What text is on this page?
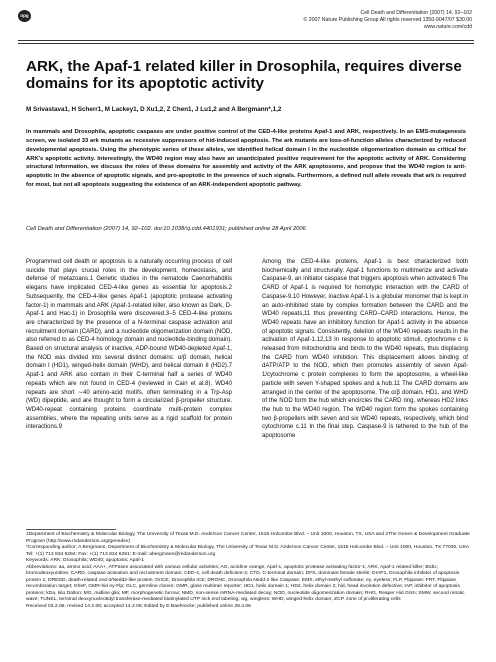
npg	Cell Death and Differentiation (2007) 14, 92–102
© 2007 Nature Publishing Group All rights reserved 1350-9047/07 $30.00
www.nature.com/cdd
ARK, the Apaf-1 related killer in Drosophila, requires diverse domains for its apoptotic activity
M Srivastava1, H Scherr1, M Lackey1, D Xu1,2, Z Chen1, J Lu1,2 and A Bergmann*,1,2

In mammals and Drosophila, apoptotic caspases are under positive control of the CED-4-like proteins Apaf-1 and ARK, respectively. In an EMS-mutagenesis screen, we isolated 33 ark mutants as recessive suppressors of hid-induced apoptosis. The ark mutants are loss-of-function alleles characterized by reduced developmental apoptosis. Using the phenotypic series of these alleles, we identified helical domain I in the nucleotide oligomerization domain as critical for ARK's apoptotic activity. Interestingly, the WD40 region may also have an unanticipated positive requirement for the apoptotic activity of ARK. Considering structural information, we discuss the roles of these domains for assembly and activity of the ARK apoptosome, and propose that the WD40 region is anti-apoptotic in the absence of apoptotic signals, and pro-apoptotic in the presence of such signals. Furthermore, a defined null allele reveals that ark is required for most, but not all apoptosis suggesting the existence of an ARK-independent apoptotic pathway.

Cell Death and Differentiation (2007) 14, 92–102. doi:10.1038/sj.cdd.4401931; published online 28 April 2006

Programmed cell death or apoptosis is a naturally occurring process of cell suicide that plays crucial roles in the development, homeostasis, and defense of metazoans.1 Genetic studies in the nematode Caenorhabditis elegans have implicated CED-4-like genes as essential for apoptosis.2 Subsequently, the CED-4-like genes Apaf-1 (apoptotic protease activating factor-1) in mammals and ARK (Apaf-1-related killer, also known as Dark, D-Apaf-1 and Hac-1) in Drosophila were discovered.3–5 CED-4-like proteins are characterized by the presence of a N-terminal caspase activation and recruitment domain (CARD), and a nucleotide oligomerization domain (NOD, also referred to as CED-4 homology domain and nucleotide-binding domain). Based on structural analysis of inactive, ADP-bound WD40-depleted Apaf-1, the NOD was divided into several distinct domains: α/β domain, helical domain I (HD1), winged-helix domain (WHD), and helical domain II (HD2).7 Apaf-1 and ARK also contain in their C-terminal half a series of WD40 repeats which are not found in CED-4 (reviewed in Cain et al.8). WD40 repeats are short ∼40 amino-acid motifs, often terminating in a Trp-Asp (WD) dipeptide, and are thought to form a circularized β-propeller structure. WD40-repeat containing proteins coordinate multi-protein complex assemblies, where the repeating units serve as a rigid scaffold for protein interactions.9

Among the CED-4-like proteins, Apaf-1 is best characterized both biochemically and structurally. Apaf-1 functions to multimerize and activate Caspase-9, an initiator caspase that triggers apoptosis when activated.6 The CARD of Apaf-1 is required for homotypic interaction with the CARD of Caspase-9.10 However, inactive Apaf-1 is a globular monomer that is kept in an auto-inhibited state by complex formation between the CARD and the WD40 repeats,11 thus preventing CARD–CARD interactions. Hence, the WD40 repeats have an inhibitory function for Apaf-1 activity in the absence of apoptotic signals. Consistently, deletion of the WD40 repeats results in the activation of Apaf-1.12,13 In response to apoptotic stimuli, cytochrome c is released from mitochondria and binds to the WD40 repeats, thus displacing the CARD from WD40 inhibition. This displacement allows binding of dATP/ATP to the NOD, which then promotes assembly of seven Apaf-1/cytochrome c protein complexes to form the apoptosome, a wheel-like particle with seven Y-shaped spokes and a hub.11 The CARD domains are arranged in the center of the apoptosome. The α/β domain, HD1, and WHD of the NOD form the hub which encircles the CARD ring, whereas HD2 links the hub to the WD40 region. The WD40 region form the spokes containing two β-propellers with seven and six WD40 repeats, respectively, which bind cytochrome c.11 In the final step, Caspase-9 is tethered to the hub of the apoptosome

1Department of Biochemistry & Molecular Biology, The University of Texas M.D. Anderson Cancer Center, 1515 Holcombe Blvd. – Unit 1000, Houston, TX, USA and 2The Genes & Development Graduate Program (http://www.mdanderson.org/genedev)

*Corresponding author: A Bergmann, Department of Biochemistry & Molecular Biology, The University of Texas M.D. Anderson Cancer Center, 1515 Holcombe Blvd. – Unit 1000, Houston, TX 77030, USA Tel: +(1) 713 834 6294; Fax: +(1) 713 834 6291; E-mail: abergmann@mdanderson.org

Keywords: ARK; Drosophila; WD40; apoptosis; Apaf-1

Abbreviations: aa, amino acid; AAA+, ATPases associated with various cellular activities; AO, acridine orange; Apaf-1, apoptotic protease activating factor-1; ARK, Apaf-1 related killer; BrdU, bromodeoxyuridine; CARD, caspase activation and recruitment domain; CED-4, cell death deficient-4; CTD, C-terminal domain; DFS, dominant female sterile; DIAP1, Drosophila inhibitor of apoptosis protein 1; DREDD, death-related ced-3/Nedd2-like protein; DrICE, Drosophila ICE; DRONC, Drosophila Nedd-2 like Caspase; EMS, ethyl-methyl sulfonate; ey, eyeless; FLP, Flippase; FRT, Flippase recombination target; GheF, GMR-hid ey-Flp; GLC, germline clones; GMR, glass multimer reporter; HD1, helix domain 1; HD2, helix domain 2; hid, head involution defective; IAP, inhibitor of apoptosis proteins; kDa, kilo Dalton; MG, midline glia; MF, morphogenetic furrow; NMD, non-sense mRNA-mediated decay; NOD, nucleotide oligomerization domain; RHG, Reaper Hid Grim; SMW, second mitotic wave; TUNEL, terminal deoxynucleotidyl transferase-mediated biotinylated UTP nick end labeling; wg, wingless; WHD, winged-helix domain; ZCP, zone of proliferating cells

Received 03.2.06; revised 14.2.06; accepted 14.2.06; Edited by E Baehrecke; published online 28.4.06
